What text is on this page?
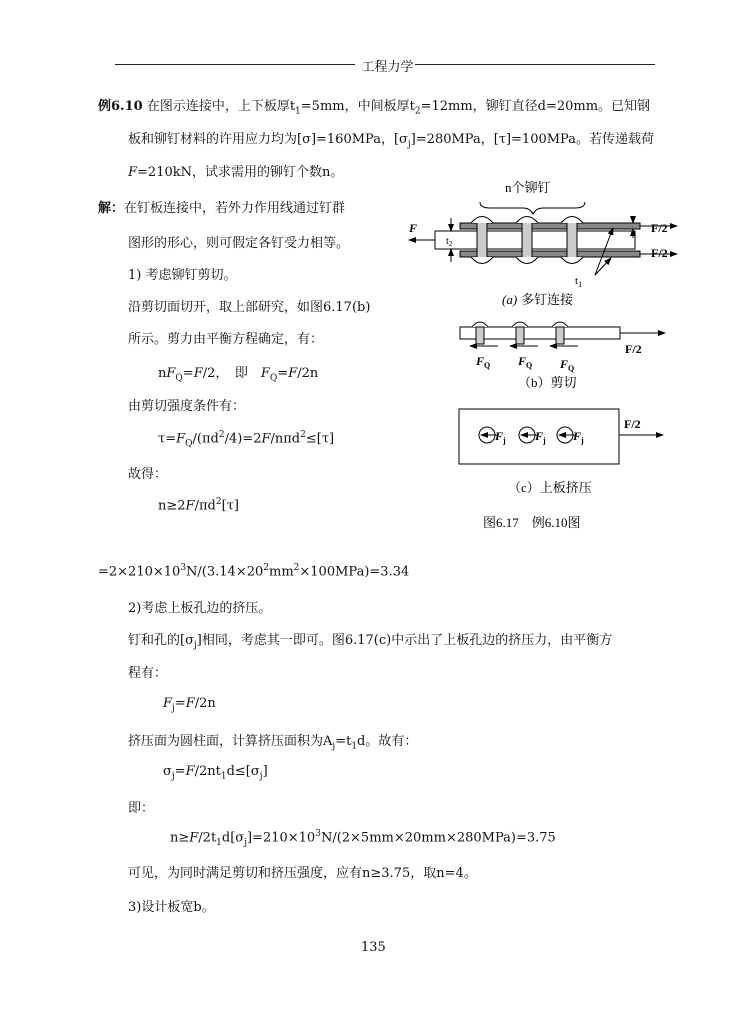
工程力学
例6.10 在图示连接中，上下板厚$t_1=5mm$，中间板厚$t_2=12mm$，铆钉直径d=20mm。已知钢
板和铆钉材料的许用应力均为[σ]=160MPa，$[\sigma_j]=280MPa$，[τ]=100MPa。若传递载荷
F=210kN，试求需用的铆钉个数n。
解：在钉板连接中，若外力作用线通过钉群
图形的形心，则可假定各钉受力相等。
1) 考虑铆钉剪切。
沿剪切面切开，取上部研究，如图6.17(b)
所示。剪力由平衡方程确定，有：
$nF_Q=F/2$，　即　$F_Q=F/2n$
由剪切强度条件有：
$\tau=F_Q/(\pi d^2/4)=2F/n\pi d^2\le[\tau]$
故得：
$n\ge 2F/\pi d^2[\tau]$
$=2\times 210\times 10^3N/(3.14\times 20^2mm^2\times 100MPa)=3.34$
2)考虑上板孔边的挤压。
钉和孔的$[\sigma_j]$相同，考虑其一即可。图6.17(c)中示出了上板孔边的挤压力，由平衡方
程有：
$F_j=F/2n$
挤压面为圆柱面，计算挤压面积为$A_j=t_1d$。故有：
$\sigma_j=F/2nt_1d\le[\sigma_j]$
即：
$n\ge F/2t_1d[\sigma_j]=210\times 10^3N/(2\times 5mm\times 20mm\times 280MPa)=3.75$
可见，为同时满足剪切和挤压强度，应有n≥3.75，取n=4。
3)设计板宽b。
135
n个铆钉
F	F/2
F/2
$t_2$
$t_1$
(a) 多钉连接
F/2
$F_Q$ $F_Q$ $F_Q$
（b）剪切
F/2
$F_j$ $F_j$ $F_j$
（c）上板挤压
图6.17　例6.10图
